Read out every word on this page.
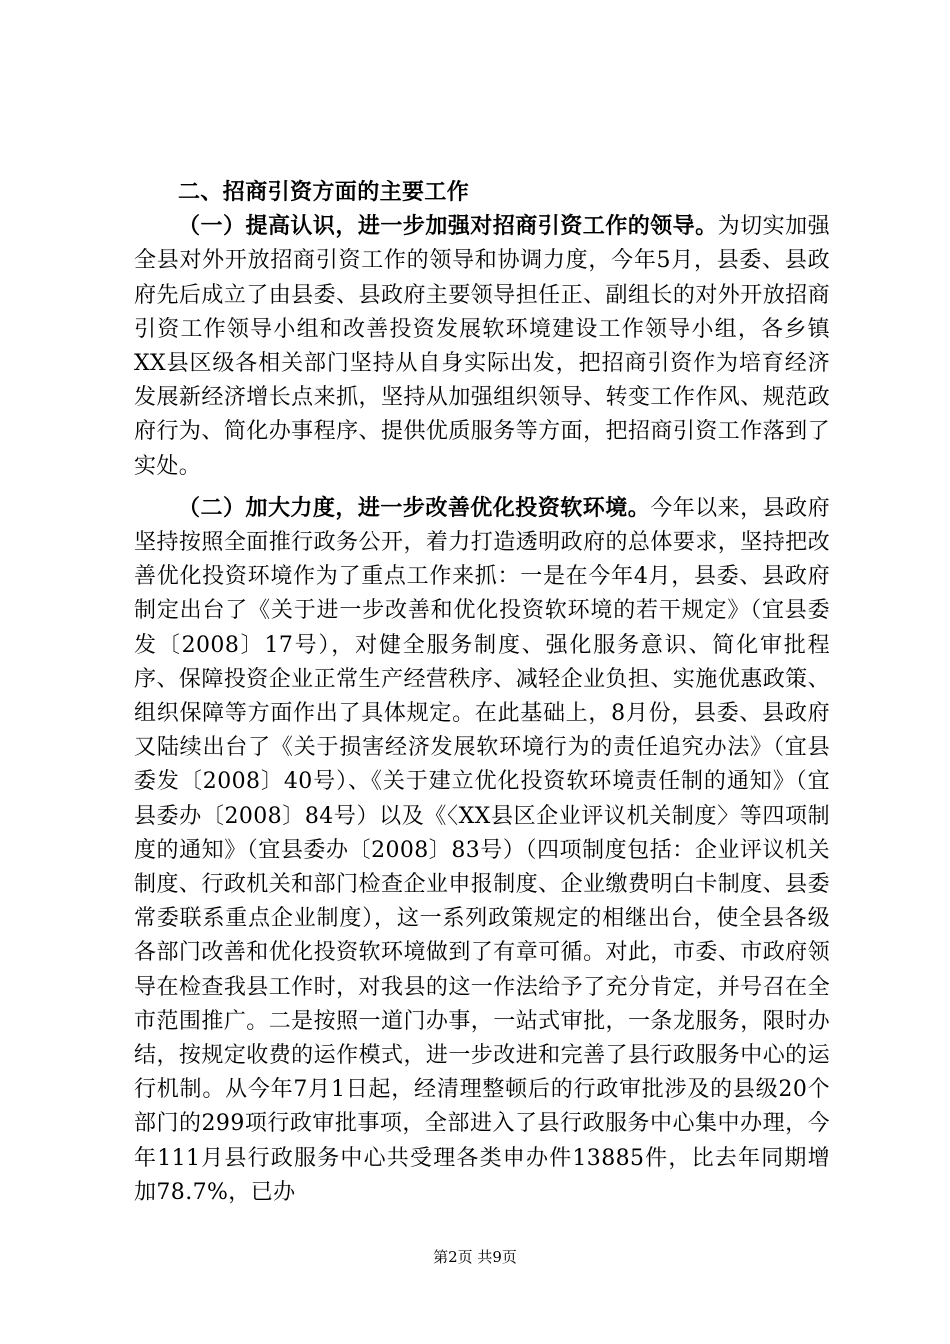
二、招商引资方面的主要工作

（一）提高认识，进一步加强对招商引资工作的领导。为切实加强全县对外开放招商引资工作的领导和协调力度，今年5月，县委、县政府先后成立了由县委、县政府主要领导担任正、副组长的对外开放招商引资工作领导小组和改善投资发展软环境建设工作领导小组，各乡镇XX县区级各相关部门坚持从自身实际出发，把招商引资作为培育经济发展新经济增长点来抓，坚持从加强组织领导、转变工作作风、规范政府行为、简化办事程序、提供优质服务等方面，把招商引资工作落到了实处。

（二）加大力度，进一步改善优化投资软环境。今年以来，县政府坚持按照全面推行政务公开，着力打造透明政府的总体要求，坚持把改善优化投资环境作为了重点工作来抓：一是在今年4月，县委、县政府制定出台了《关于进一步改善和优化投资软环境的若干规定》（宜县委发〔2008〕17号），对健全服务制度、强化服务意识、简化审批程序、保障投资企业正常生产经营秩序、减轻企业负担、实施优惠政策、组织保障等方面作出了具体规定。在此基础上，8月份，县委、县政府又陆续出台了《关于损害经济发展软环境行为的责任追究办法》（宜县委发〔2008〕40号）、《关于建立优化投资软环境责任制的通知》（宜县委办〔2008〕84号）以及《〈XX县区企业评议机关制度〉等四项制度的通知》（宜县委办〔2008〕83号）（四项制度包括：企业评议机关制度、行政机关和部门检查企业申报制度、企业缴费明白卡制度、县委常委联系重点企业制度），这一系列政策规定的相继出台，使全县各级各部门改善和优化投资软环境做到了有章可循。对此，市委、市政府领导在检查我县工作时，对我县的这一作法给予了充分肯定，并号召在全市范围推广。二是按照一道门办事，一站式审批，一条龙服务，限时办结，按规定收费的运作模式，进一步改进和完善了县行政服务中心的运行机制。从今年7月1日起，经清理整顿后的行政审批涉及的县级20个部门的299项行政审批事项，全部进入了县行政服务中心集中办理，今年111月县行政服务中心共受理各类申办件13885件，比去年同期增加78.7%，已办

第2页 共9页
